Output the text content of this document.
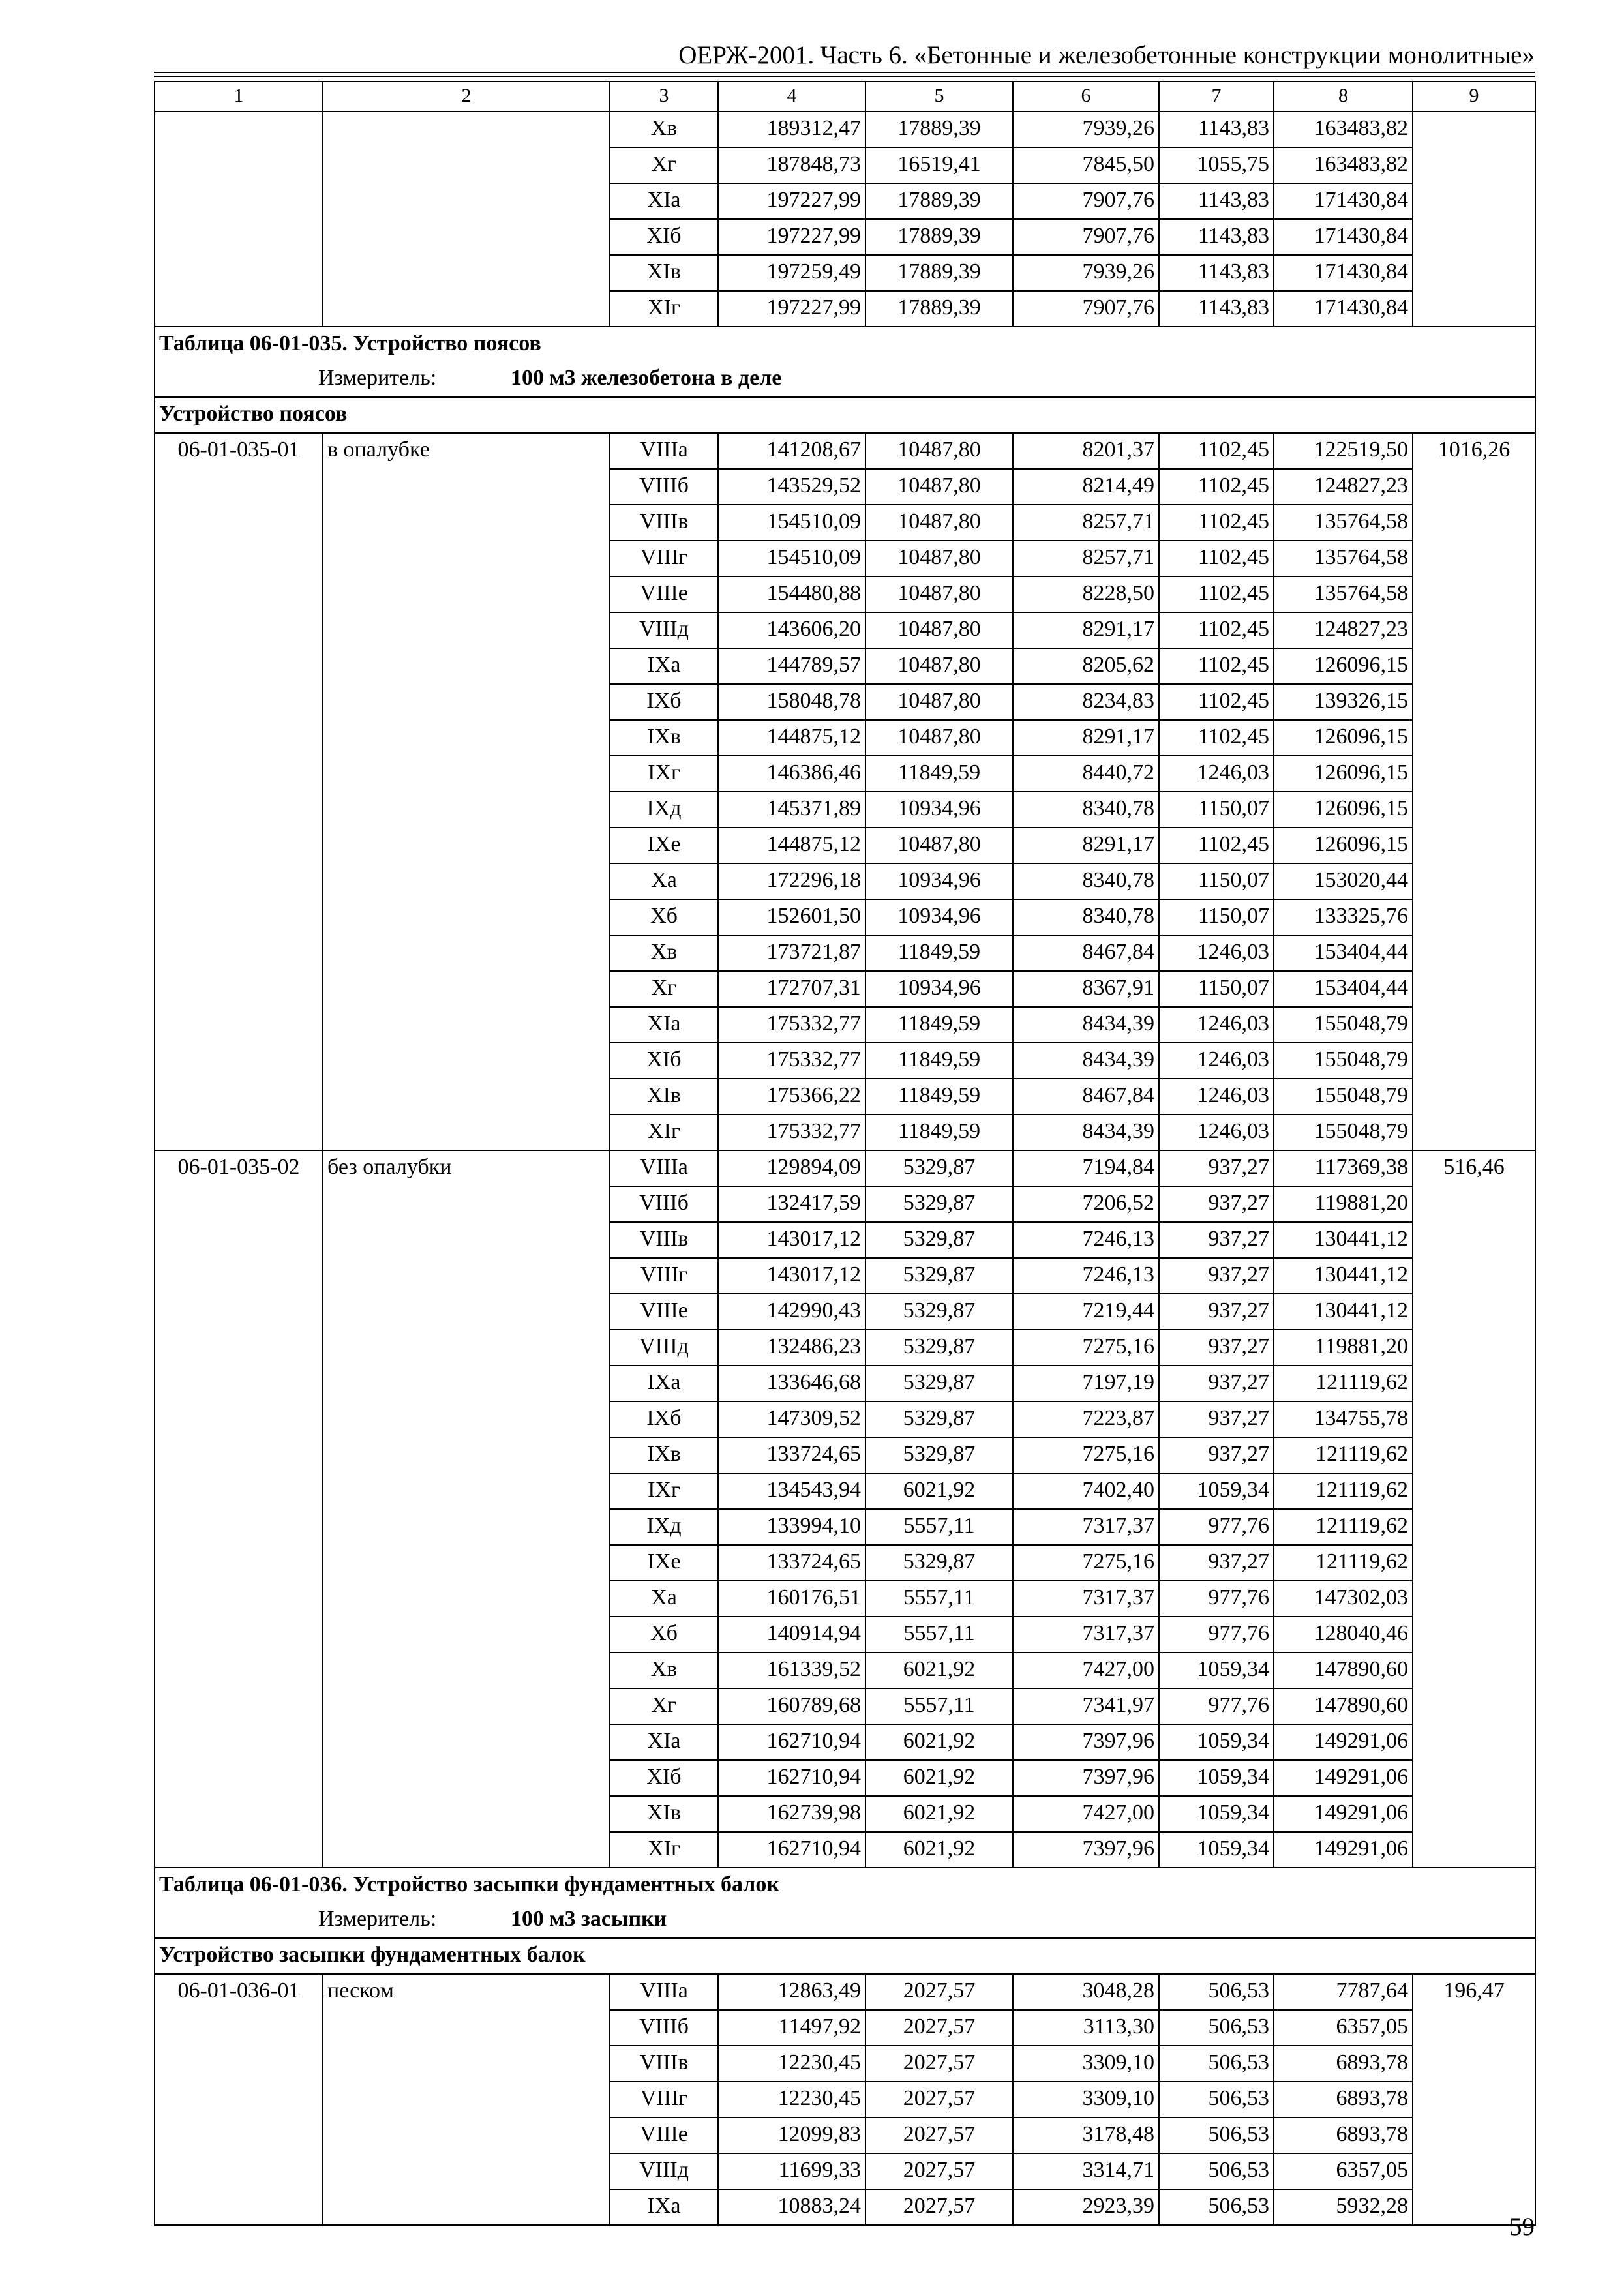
ОЕРЖ-2001. Часть 6. «Бетонные и железобетонные конструкции монолитные»
1	2	3	4	5	6	7	8	9
		Xв	189312,47	17889,39	7939,26	1143,83	163483,82	
		Xг	187848,73	16519,41	7845,50	1055,75	163483,82	
		XIа	197227,99	17889,39	7907,76	1143,83	171430,84	
		XIб	197227,99	17889,39	7907,76	1143,83	171430,84	
		XIв	197259,49	17889,39	7939,26	1143,83	171430,84	
		XIг	197227,99	17889,39	7907,76	1143,83	171430,84	
Таблица 06-01-035. Устройство поясов								
Измеритель: 100 м3 железобетона в деле								
Устройство поясов								
06-01-035-01	в опалубке	VIIIа	141208,67	10487,80	8201,37	1102,45	122519,50	1016,26
		VIIIб	143529,52	10487,80	8214,49	1102,45	124827,23	
		VIIIв	154510,09	10487,80	8257,71	1102,45	135764,58	
		VIIIг	154510,09	10487,80	8257,71	1102,45	135764,58	
		VIIIе	154480,88	10487,80	8228,50	1102,45	135764,58	
		VIIIд	143606,20	10487,80	8291,17	1102,45	124827,23	
		IXа	144789,57	10487,80	8205,62	1102,45	126096,15	
		IXб	158048,78	10487,80	8234,83	1102,45	139326,15	
		IXв	144875,12	10487,80	8291,17	1102,45	126096,15	
		IXг	146386,46	11849,59	8440,72	1246,03	126096,15	
		IXд	145371,89	10934,96	8340,78	1150,07	126096,15	
		IXе	144875,12	10487,80	8291,17	1102,45	126096,15	
		Xа	172296,18	10934,96	8340,78	1150,07	153020,44	
		Xб	152601,50	10934,96	8340,78	1150,07	133325,76	
		Xв	173721,87	11849,59	8467,84	1246,03	153404,44	
		Xг	172707,31	10934,96	8367,91	1150,07	153404,44	
		XIа	175332,77	11849,59	8434,39	1246,03	155048,79	
		XIб	175332,77	11849,59	8434,39	1246,03	155048,79	
		XIв	175366,22	11849,59	8467,84	1246,03	155048,79	
		XIг	175332,77	11849,59	8434,39	1246,03	155048,79	
06-01-035-02	без опалубки	VIIIа	129894,09	5329,87	7194,84	937,27	117369,38	516,46
		VIIIб	132417,59	5329,87	7206,52	937,27	119881,20	
		VIIIв	143017,12	5329,87	7246,13	937,27	130441,12	
		VIIIг	143017,12	5329,87	7246,13	937,27	130441,12	
		VIIIе	142990,43	5329,87	7219,44	937,27	130441,12	
		VIIIд	132486,23	5329,87	7275,16	937,27	119881,20	
		IXа	133646,68	5329,87	7197,19	937,27	121119,62	
		IXб	147309,52	5329,87	7223,87	937,27	134755,78	
		IXв	133724,65	5329,87	7275,16	937,27	121119,62	
		IXг	134543,94	6021,92	7402,40	1059,34	121119,62	
		IXд	133994,10	5557,11	7317,37	977,76	121119,62	
		IXе	133724,65	5329,87	7275,16	937,27	121119,62	
		Xа	160176,51	5557,11	7317,37	977,76	147302,03	
		Xб	140914,94	5557,11	7317,37	977,76	128040,46	
		Xв	161339,52	6021,92	7427,00	1059,34	147890,60	
		Xг	160789,68	5557,11	7341,97	977,76	147890,60	
		XIа	162710,94	6021,92	7397,96	1059,34	149291,06	
		XIб	162710,94	6021,92	7397,96	1059,34	149291,06	
		XIв	162739,98	6021,92	7427,00	1059,34	149291,06	
		XIг	162710,94	6021,92	7397,96	1059,34	149291,06	
Таблица 06-01-036. Устройство засыпки фундаментных балок								
Измеритель: 100 м3 засыпки								
Устройство засыпки фундаментных балок								
06-01-036-01	песком	VIIIа	12863,49	2027,57	3048,28	506,53	7787,64	196,47
		VIIIб	11497,92	2027,57	3113,30	506,53	6357,05	
		VIIIв	12230,45	2027,57	3309,10	506,53	6893,78	
		VIIIг	12230,45	2027,57	3309,10	506,53	6893,78	
		VIIIе	12099,83	2027,57	3178,48	506,53	6893,78	
		VIIIд	11699,33	2027,57	3314,71	506,53	6357,05	
		IXа	10883,24	2027,57	2923,39	506,53	5932,28	
59
